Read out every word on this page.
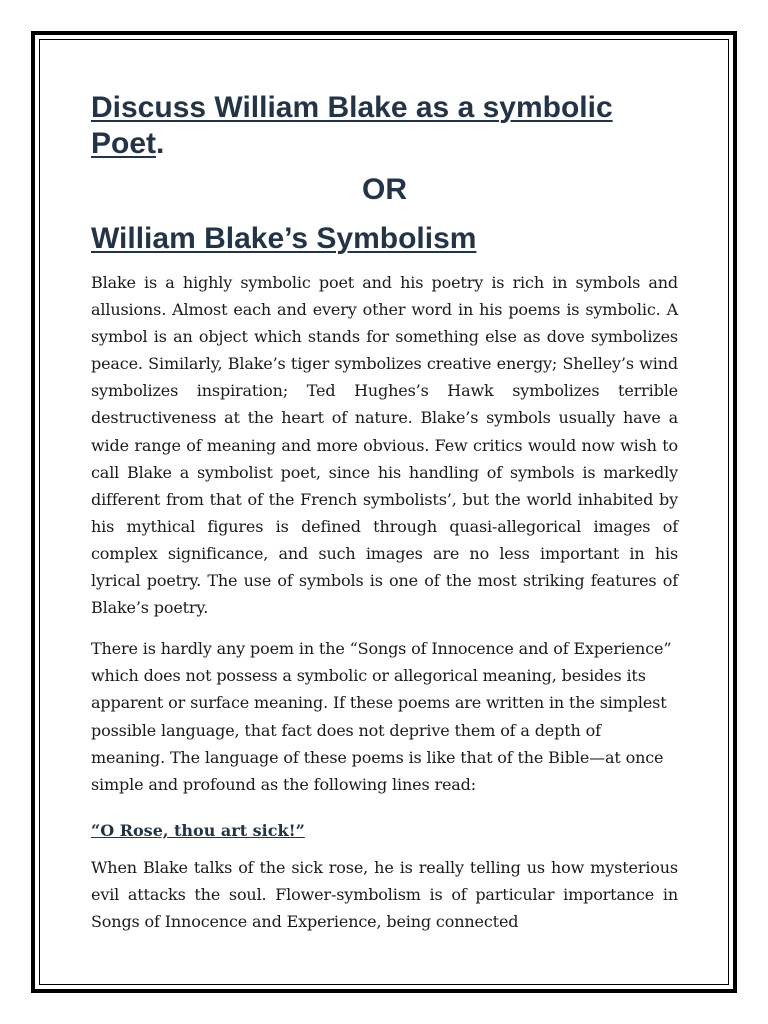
Discuss William Blake as a symbolic
Poet.
OR
William Blake’s Symbolism

Blake is a highly symbolic poet and his poetry is rich in symbols and allusions. Almost each and every other word in his poems is symbolic. A symbol is an object which stands for something else as dove symbolizes peace. Similarly, Blake’s tiger symbolizes creative energy; Shelley’s wind symbolizes inspiration; Ted Hughes’s Hawk symbolizes terrible destructiveness at the heart of nature. Blake’s symbols usually have a wide range of meaning and more obvious. Few critics would now wish to call Blake a symbolist poet, since his handling of symbols is markedly different from that of the French symbolists’, but the world inhabited by his mythical figures is defined through quasi-allegorical images of complex significance, and such images are no less important in his lyrical poetry. The use of symbols is one of the most striking features of Blake’s poetry.

There is hardly any poem in the “Songs of Innocence and of Experience” which does not possess a symbolic or allegorical meaning, besides its apparent or surface meaning. If these poems are written in the simplest possible language, that fact does not deprive them of a depth of meaning. The language of these poems is like that of the Bible—at once simple and profound as the following lines read:

“O Rose, thou art sick!”

When Blake talks of the sick rose, he is really telling us how mysterious evil attacks the soul. Flower-symbolism is of particular importance in Songs of Innocence and Experience, being connected
